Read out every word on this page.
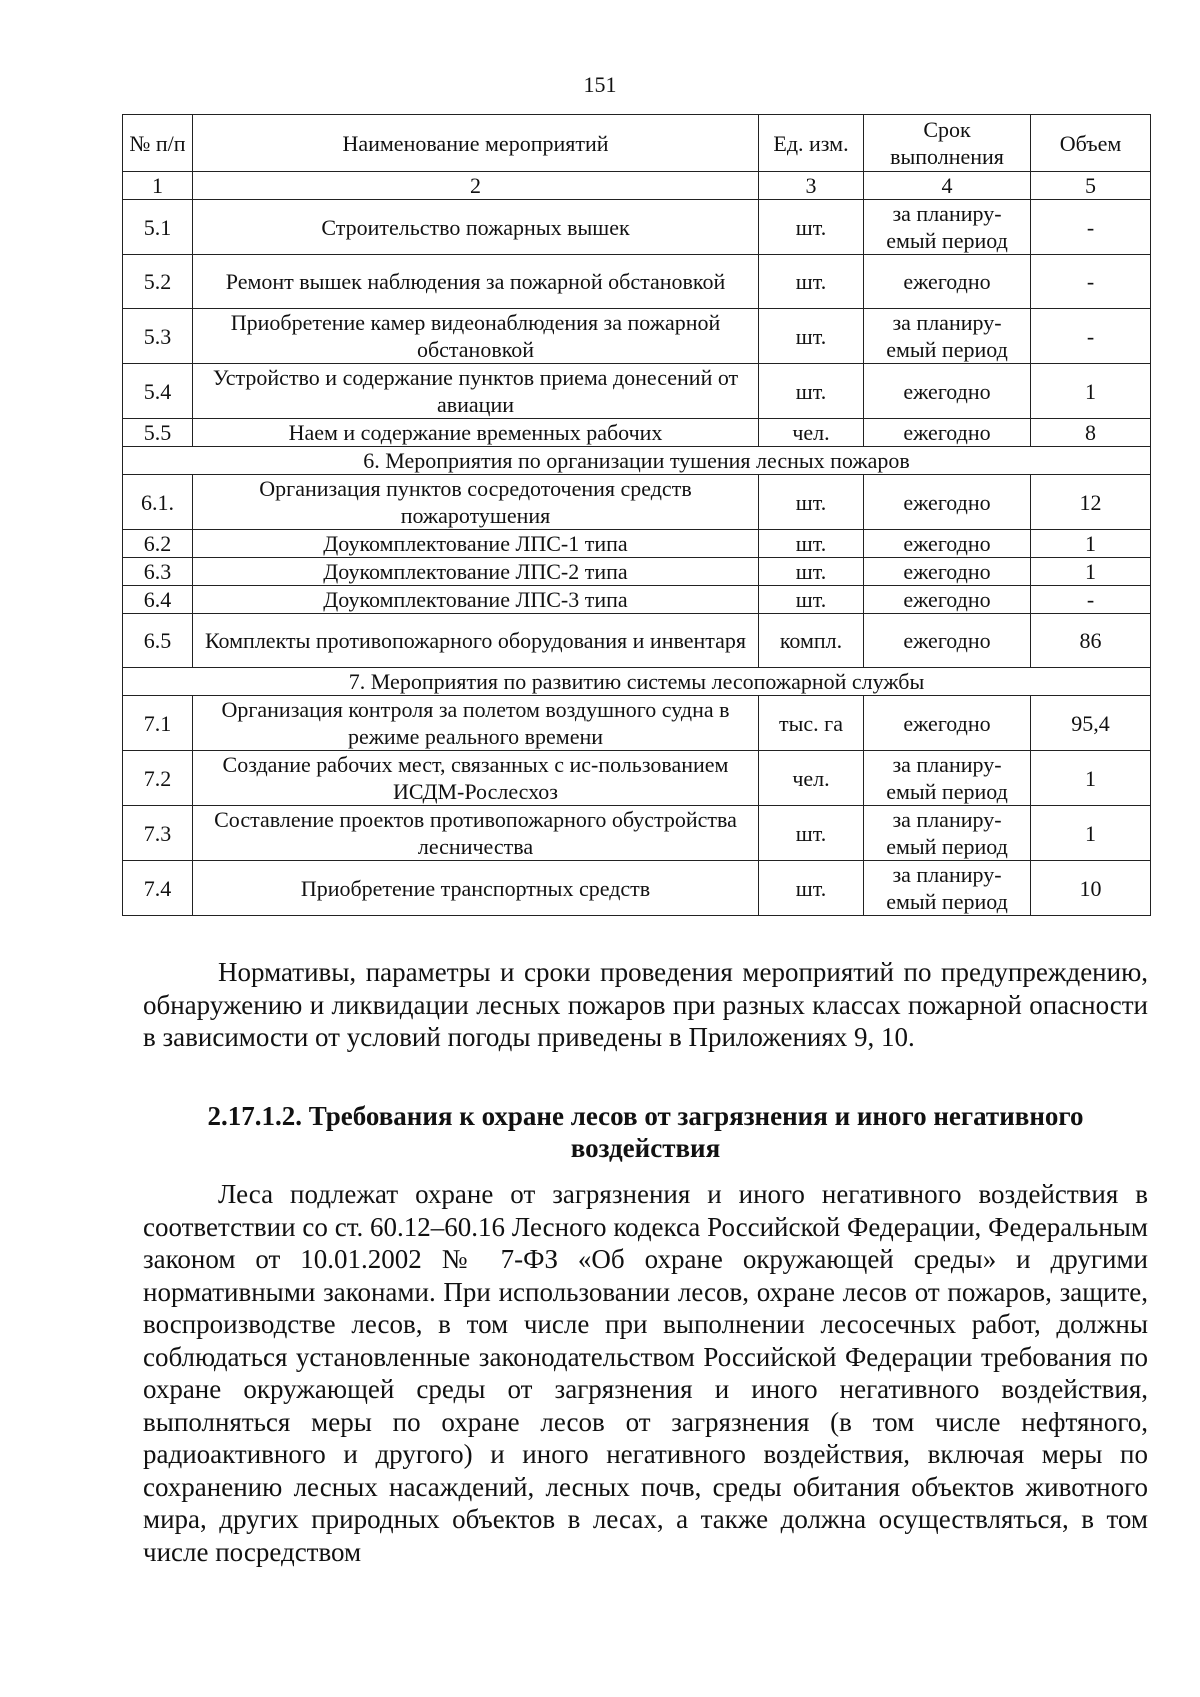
151
№ п/п	Наименование мероприятий	Ед. изм.	Срок выполнения	Объем
1	2	3	4	5
5.1	Строительство пожарных вышек	шт.	за планиру-емый период	-
5.2	Ремонт вышек наблюдения за пожарной обстановкой	шт.	ежегодно	-
5.3	Приобретение камер видеонаблюдения за пожарной обстановкой	шт.	за планиру-емый период	-
5.4	Устройство и содержание пунктов приема донесений от авиации	шт.	ежегодно	1
5.5	Наем и содержание временных рабочих	чел.	ежегодно	8
6. Мероприятия по организации тушения лесных пожаров				
6.1.	Организация пунктов сосредоточения средств пожаротушения	шт.	ежегодно	12
6.2	Доукомплектование ЛПС-1 типа	шт.	ежегодно	1
6.3	Доукомплектование ЛПС-2 типа	шт.	ежегодно	1
6.4	Доукомплектование ЛПС-3 типа	шт.	ежегодно	-
6.5	Комплекты противопожарного оборудования и инвентаря	компл.	ежегодно	86
7. Мероприятия по развитию системы лесопожарной службы				
7.1	Организация контроля за полетом воздушного судна в режиме реального времени	тыс. га	ежегодно	95,4
7.2	Создание рабочих мест, связанных с ис-пользованием ИСДМ-Рослесхоз	чел.	за планиру-емый период	1
7.3	Составление проектов противопожарного обустройства лесничества	шт.	за планиру-емый период	1
7.4	Приобретение транспортных средств	шт.	за планиру-емый период	10

Нормативы, параметры и сроки проведения мероприятий по предупреждению, обнаружению и ликвидации лесных пожаров при разных классах пожарной опасности в зависимости от условий погоды приведены в Приложениях 9, 10.

2.17.1.2. Требования к охране лесов от загрязнения и иного негативного воздействия

Леса подлежат охране от загрязнения и иного негативного воздействия в соответствии со ст. 60.12–60.16 Лесного кодекса Российской Федерации, Федеральным законом от 10.01.2002 № 7-ФЗ «Об охране окружающей среды» и другими нормативными законами. При использовании лесов, охране лесов от пожаров, защите, воспроизводстве лесов, в том числе при выполнении лесосечных работ, должны соблюдаться установленные законодательством Российской Федерации требования по охране окружающей среды от загрязнения и иного негативного воздействия, выполняться меры по охране лесов от загрязнения (в том числе нефтяного, радиоактивного и другого) и иного негативного воздействия, включая меры по сохранению лесных насаждений, лесных почв, среды обитания объектов животного мира, других природных объектов в лесах, а также должна осуществляться, в том числе посредством
